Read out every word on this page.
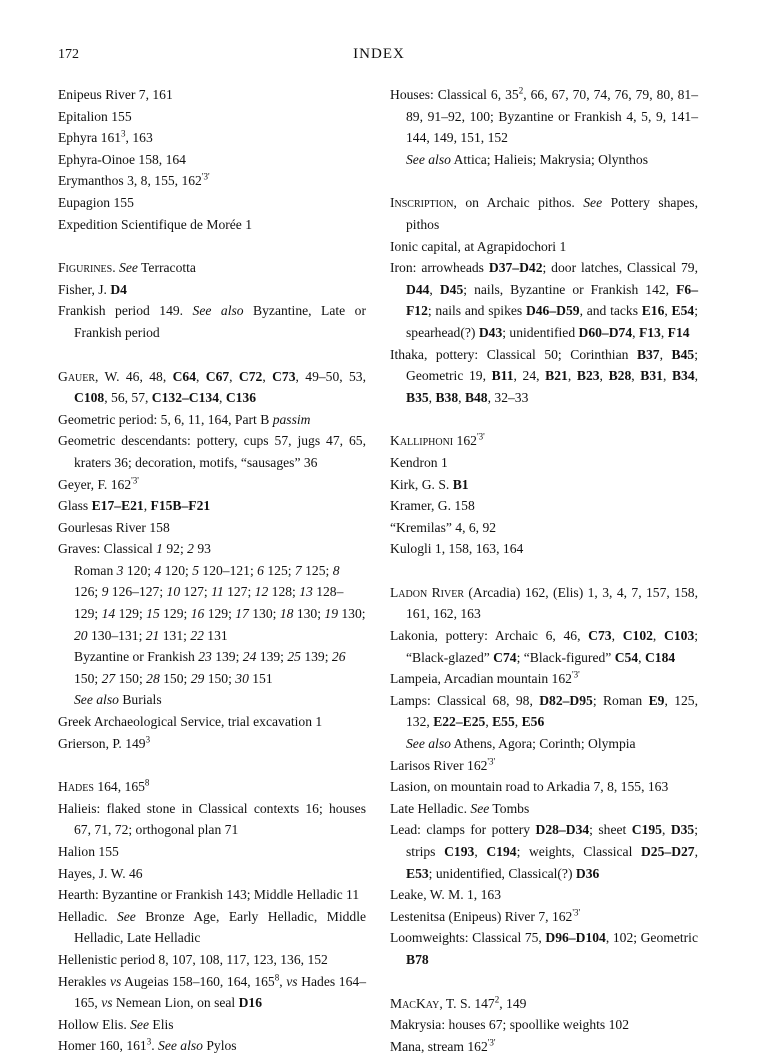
172	INDEX
Enipeus River 7, 161
Epitalion 155
Ephyra $161^3$, 163
Ephyra-Oinoe 158, 164
Erymanthos 3, 8, 155, $162^{'3'}$
Eupagion 155
Expedition Scientifique de Morée 1
Figurines. See Terracotta
Fisher, J. D4
Frankish period 149. See also Byzantine, Late or Frankish period
Gauer, W. 46, 48, C64, C67, C72, C73, 49–50, 53, C108, 56, 57, C132–C134, C136
Geometric period: 5, 6, 11, 164, Part B passim
Geometric descendants: pottery, cups 57, jugs 47, 65, kraters 36; decoration, motifs, “sausages” 36
Geyer, F. $162^{'3'}$
Glass E17–E21, F15B–F21
Gourlesas River 158
Graves: Classical 1 92; 2 93
Roman 3 120; 4 120; 5 120–121; 6 125; 7 125; 8 126; 9 126–127; 10 127; 11 127; 12 128; 13 128–129; 14 129; 15 129; 16 129; 17 130; 18 130; 19 130; 20 130–131; 21 131; 22 131
Byzantine or Frankish 23 139; 24 139; 25 139; 26 150; 27 150; 28 150; 29 150; 30 151
See also Burials
Greek Archaeological Service, trial excavation 1
Grierson, P. $149^3$
Hades 164, $165^8$
Halieis: flaked stone in Classical contexts 16; houses 67, 71, 72; orthogonal plan 71
Halion 155
Hayes, J. W. 46
Hearth: Byzantine or Frankish 143; Middle Helladic 11
Helladic. See Bronze Age, Early Helladic, Middle Helladic, Late Helladic
Hellenistic period 8, 107, 108, 117, 123, 136, 152
Herakles vs Augeias 158–160, 164, $165^8$, vs Hades 164–165, vs Nemean Lion, on seal D16
Hollow Elis. See Elis
Homer 160, $161^3$. See also Pylos
Houses: Classical 6, $35^2$, 66, 67, 70, 74, 76, 79, 80, 81–89, 91–92, 100; Byzantine or Frankish 4, 5, 9, 141–144, 149, 151, 152
See also Attica; Halieis; Makrysia; Olynthos
Inscription, on Archaic pithos. See Pottery shapes, pithos
Ionic capital, at Agrapidochori 1
Iron: arrowheads D37–D42; door latches, Classical 79, D44, D45; nails, Byzantine or Frankish 142, F6–F12; nails and spikes D46–D59, and tacks E16, E54; spearhead(?) D43; unidentified D60–D74, F13, F14
Ithaka, pottery: Classical 50; Corinthian B37, B45; Geometric 19, B11, 24, B21, B23, B28, B31, B34, B35, B38, B48, 32–33
Kalliphoni $162^{'3'}$
Kendron 1
Kirk, G. S. B1
Kramer, G. 158
“Kremilas” 4, 6, 92
Kulogli 1, 158, 163, 164
Ladon River (Arcadia) 162, (Elis) 1, 3, 4, 7, 157, 158, 161, 162, 163
Lakonia, pottery: Archaic 6, 46, C73, C102, C103; “Black-glazed” C74; “Black-figured” C54, C184
Lampeia, Arcadian mountain $162^{'3'}$
Lamps: Classical 68, 98, D82–D95; Roman E9, 125, 132, E22–E25, E55, E56
See also Athens, Agora; Corinth; Olympia
Larisos River $162^{'3'}$
Lasion, on mountain road to Arkadia 7, 8, 155, 163
Late Helladic. See Tombs
Lead: clamps for pottery D28–D34; sheet C195, D35; strips C193, C194; weights, Classical D25–D27, E53; unidentified, Classical(?) D36
Leake, W. M. 1, 163
Lestenitsa (Enipeus) River 7, $162^{'3'}$
Loomweights: Classical 75, D96–D104, 102; Geometric B78
MacKay, T. S. $147^2$, 149
Makrysia: houses 67; spoollike weights 102
Mana, stream $162^{'3'}$
